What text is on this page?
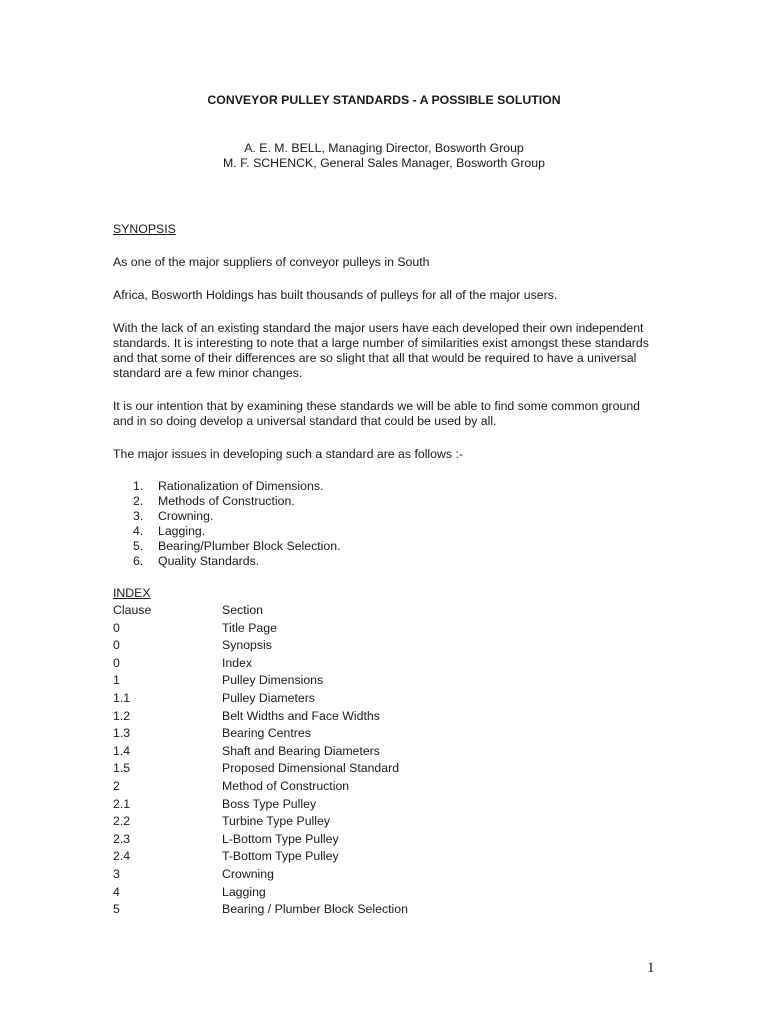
CONVEYOR PULLEY STANDARDS - A POSSIBLE SOLUTION
A. E. M. BELL, Managing Director, Bosworth Group
M. F. SCHENCK, General Sales Manager, Bosworth Group
SYNOPSIS
As one of the major suppliers of conveyor pulleys in South
Africa, Bosworth Holdings has built thousands of pulleys for all of the major users.
With the lack of an existing standard the major users have each developed their own independent standards. It is interesting to note that a large number of similarities exist amongst these standards and that some of their differences are so slight that all that would be required to have a universal standard are a few minor changes.
It is our intention that by examining these standards we will be able to find some common ground and in so doing develop a universal standard that could be used by all.
The major issues in developing such a standard are as follows :-
1. Rationalization of Dimensions.
2. Methods of Construction.
3. Crowning.
4. Lagging.
5. Bearing/Plumber Block Selection.
6. Quality Standards.
INDEX
Clause	Section
0	Title Page
0	Synopsis
0	Index
1	Pulley Dimensions
1.1	Pulley Diameters
1.2	Belt Widths and Face Widths
1.3	Bearing Centres
1.4	Shaft and Bearing Diameters
1.5	Proposed Dimensional Standard
2	Method of Construction
2.1	Boss Type Pulley
2.2	Turbine Type Pulley
2.3	L-Bottom Type Pulley
2.4	T-Bottom Type Pulley
3	Crowning
4	Lagging
5	Bearing / Plumber Block Selection
1
